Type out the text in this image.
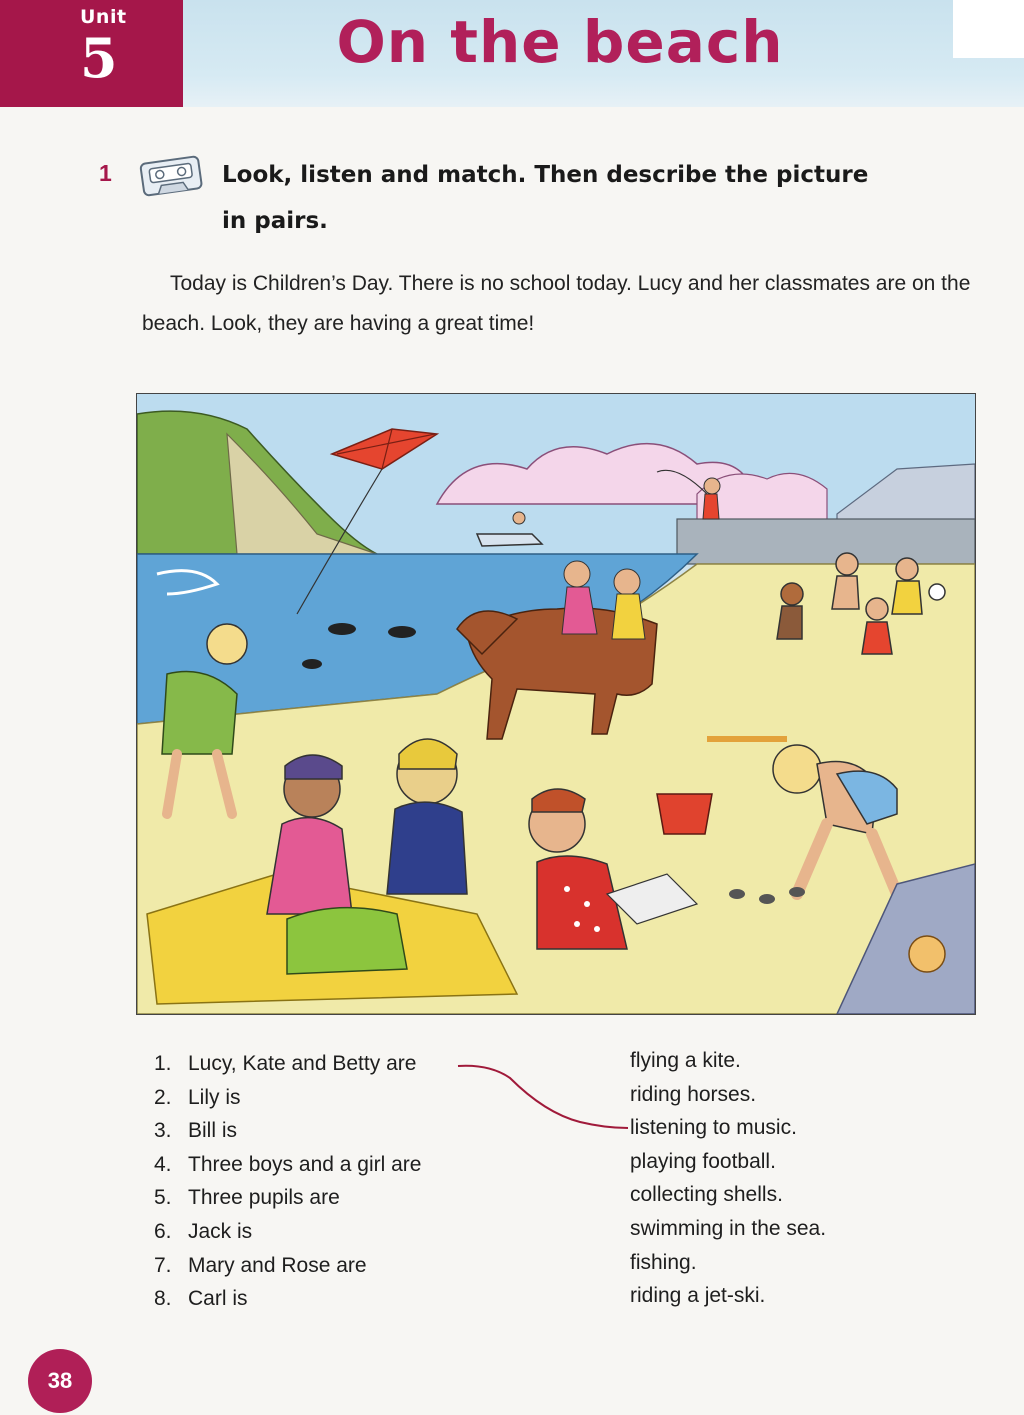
Unit
5	On the beach
1	Look, listen and match. Then describe the picture
in pairs.
Today is Children’s Day. There is no school today. Lucy and her classmates are on the beach. Look, they are having a great time!
1. Lucy, Kate and Betty are
2. Lily is
3. Bill is
4. Three boys and a girl are
5. Three pupils are
6. Jack is
7. Mary and Rose are
8. Carl is
flying a kite.
riding horses.
listening to music.
playing football.
collecting shells.
swimming in the sea.
fishing.
riding a jet-ski.
38
